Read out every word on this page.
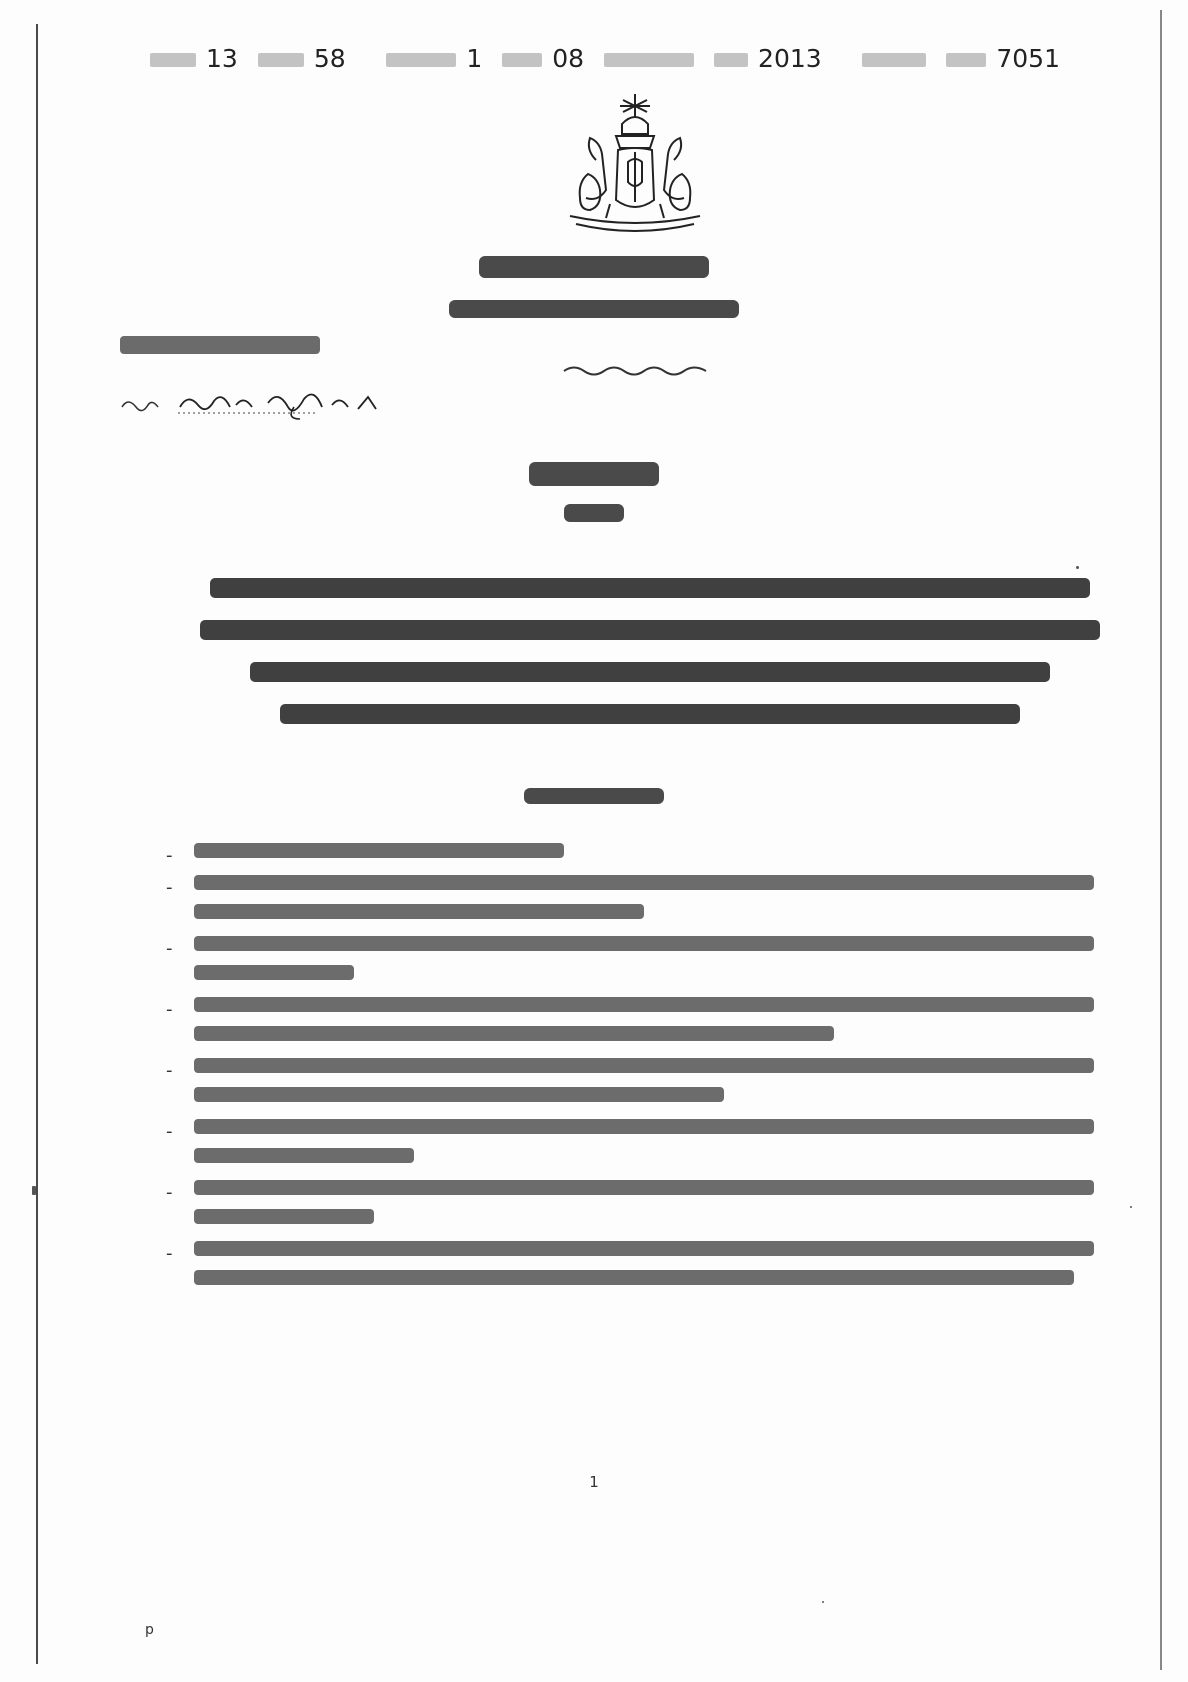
13	58	1	08	2013	7051
-
-
-
-
-
-
-
-
1
p
